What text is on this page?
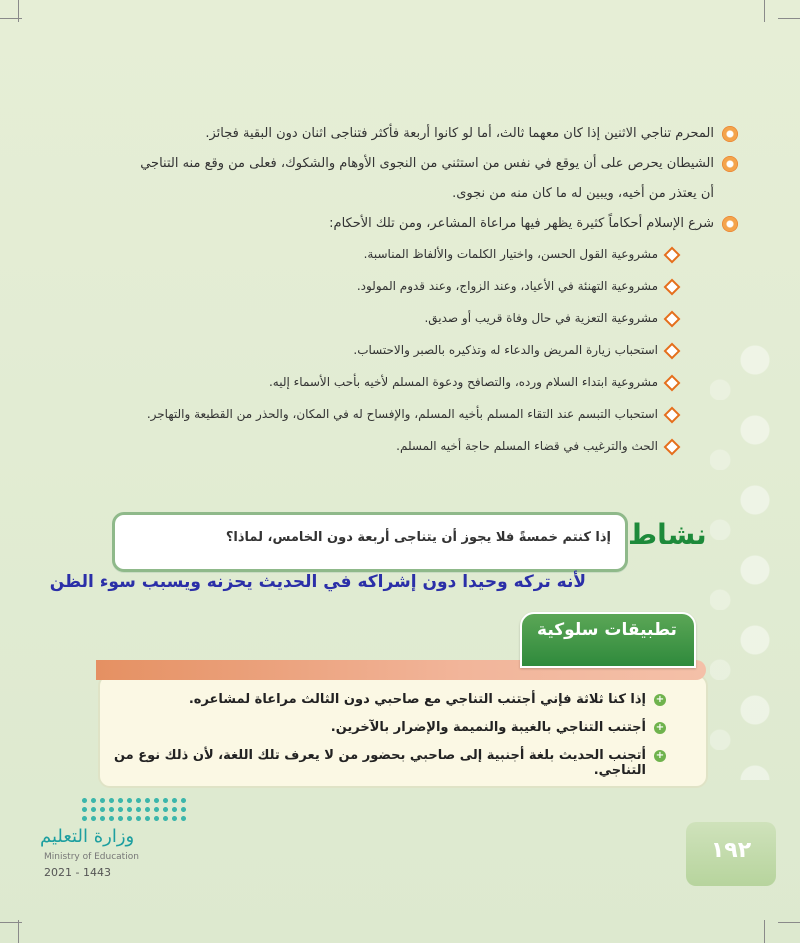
المحرم تناجي الاثنين إذا كان معهما ثالث، أما لو كانوا أربعة فأكثر فتناجى اثنان دون البقية فجائز.
الشيطان يحرص على أن يوقع في نفس من استثني من النجوى الأوهام والشكوك، فعلى من وقع منه التناجي
أن يعتذر من أخيه، ويبين له ما كان منه من نجوى.
شرع الإسلام أحكاماً كثيرة يظهر فيها مراعاة المشاعر، ومن تلك الأحكام:
مشروعية القول الحسن، واختيار الكلمات والألفاظ المناسبة.
مشروعية التهنئة في الأعياد، وعند الزواج، وعند قدوم المولود.
مشروعية التعزية في حال وفاة قريب أو صديق.
استحباب زيارة المريض والدعاء له وتذكيره بالصبر والاحتساب.
مشروعية ابتداء السلام ورده، والتصافح ودعوة المسلم لأخيه بأحب الأسماء إليه.
استحباب التبسم عند التقاء المسلم بأخيه المسلم، والإفساح له في المكان، والحذر من القطيعة والتهاجر.
الحث والترغيب في قضاء المسلم حاجة أخيه المسلم.
إذا كنتم خمسةً فلا يجوز أن يتناجى أربعة دون الخامس، لماذا؟ نشاط
لأنه تركه وحيدا دون إشراكه في الحديث يحزنه ويسبب سوء الظن
+
إذا كنا ثلاثة فإني أجتنب التناجي مع صاحبي دون الثالث مراعاة لمشاعره.
+
أجتنب التناجي بالغيبة والنميمة والإضرار بالآخرين.
+
أتجنب الحديث بلغة أجنبية إلى صاحبي بحضور من لا يعرف تلك اللغة، لأن ذلك نوع من التناجي.
تطبيقات سلوكية
وزارة التعليم
Ministry of Education
2021 - 1443
١٩٢
